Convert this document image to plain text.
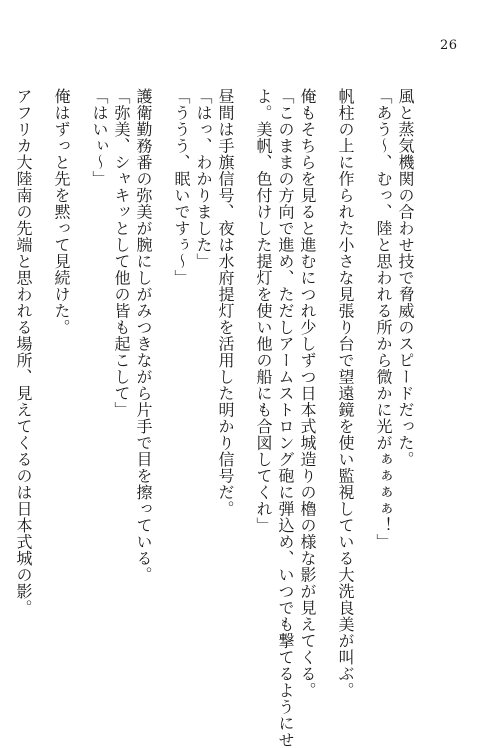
26
風と蒸気機関の合わせ技で脅威のスピードだった。
「あう〜、むっ、陸と思われる所から微かに光がぁぁぁぁ！」
帆柱の上に作られた小さな見張り台で望遠鏡を使い監視している大洗良美が叫ぶ。
俺もそちらを見ると進むにつれ少しずつ日本式城造りの櫓の様な影が見えてくる。
「このままの方向で進め、ただしアームストロング砲に弾込め、いつでも撃てるようにせ
よ。美帆、色付けした提灯を使い他の船にも合図してくれ」
昼間は手旗信号、夜は水府提灯を活用した明かり信号だ。
「はっ、わかりました」
「ううう、眠いですぅ〜」
護衛勤務番の弥美が腕にしがみつきながら片手で目を擦っている。
「弥美、シャキッとして他の皆も起こして」
「はいぃ〜」
俺はずっと先を黙って見続けた。
アフリカ大陸南の先端と思われる場所、見えてくるのは日本式城の影。
